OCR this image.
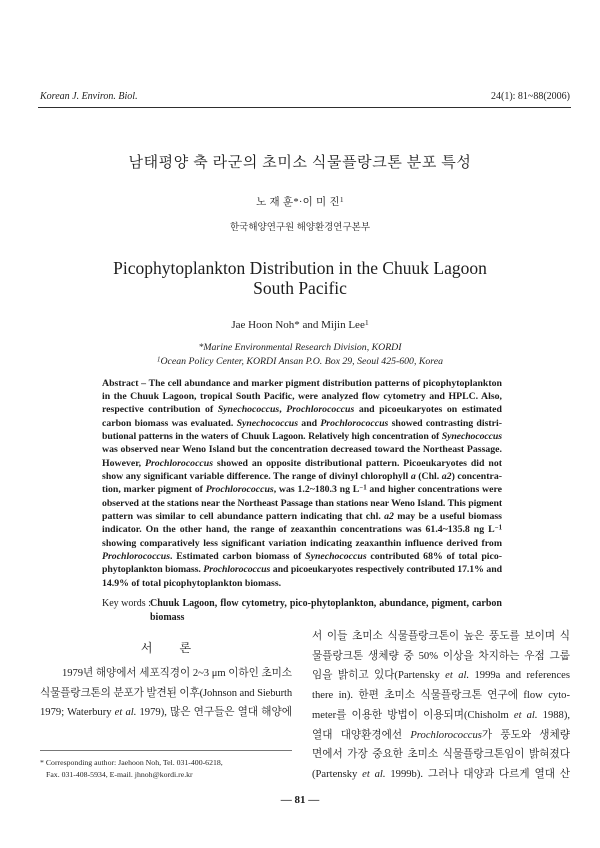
Korean J. Environ. Biol.	24(1): 81~88(2006)
남태평양 축 라군의 초미소 식물플랑크톤 분포 특성
노 재 훈*·이 미 진$^1$
한국해양연구원 해양환경연구본부
Picophytoplankton Distribution in the Chuuk Lagoon
South Pacific
Jae Hoon Noh* and Mijin Lee$^1$
*Marine Environmental Research Division, KORDI
$^1$Ocean Policy Center, KORDI Ansan P.O. Box 29, Seoul 425-600, Korea
Abstract – The cell abundance and marker pigment distribution patterns of picophytoplankton
in the Chuuk Lagoon, tropical South Pacific, were analyzed flow cytometry and HPLC. Also,
respective contribution of Synechococcus, Prochlorococcus and picoeukaryotes on estimated
carbon biomass was evaluated. Synechococcus and Prochlorococcus showed contrasting distri-
butional patterns in the waters of Chuuk Lagoon. Relatively high concentration of Synechococcus
was observed near Weno Island but the concentration decreased toward the Northeast Passage.
However, Prochlorococcus showed an opposite distributional pattern. Picoeukaryotes did not
show any significant variable difference. The range of divinyl chlorophyll a (Chl. a2) concentra-
tion, marker pigment of Prochlorococcus, was 1.2~180.3 ng $L^{-1}$ and higher concentrations were
observed at the stations near the Northeast Passage than stations near Weno Island. This pigment
pattern was similar to cell abundance pattern indicating that chl. a2 may be a useful biomass
indicator. On the other hand, the range of zeaxanthin concentrations was 61.4~135.8 ng $L^{-1}$
showing comparatively less significant variation indicating zeaxanthin influence derived from
Prochlorococcus. Estimated carbon biomass of Synechococcus contributed 68% of total pico-
phytoplankton biomass. Prochlorococcus and picoeukaryotes respectively contributed 17.1% and
14.9% of total picophytoplankton biomass.
Key words : Chuuk Lagoon, flow cytometry, pico-phytoplankton, abundance, pigment, carbon
biomass
서 론
1979년 해양에서 세포직경이 2~3 μm 이하인 초미소
식물플랑크톤의 분포가 발견된 이후(Johnson and Sieburth
1979; Waterbury et al. 1979), 많은 연구들은 열대 해양에
서 이들 초미소 식물플랑크톤이 높은 풍도를 보이며 식
물플랑크톤 생체량 중 50% 이상을 차지하는 우점 그룹
임을 밝히고 있다(Partensky et al. 1999a and references
there in). 한편 초미소 식물플랑크톤 연구에 flow cyto-
meter를 이용한 방법이 이용되며(Chisholm et al. 1988),
열대 대양환경에선 Prochlorococcus가 풍도와 생체량
면에서 가장 중요한 초미소 식물플랑크톤임이 밝혀졌다
(Partensky et al. 1999b). 그러나 대양과 다르게 열대 산
* Corresponding author: Jaehoon Noh, Tel. 031-400-6218,
Fax. 031-408-5934, E-mail. jhnoh@kordi.re.kr
— 81 —
